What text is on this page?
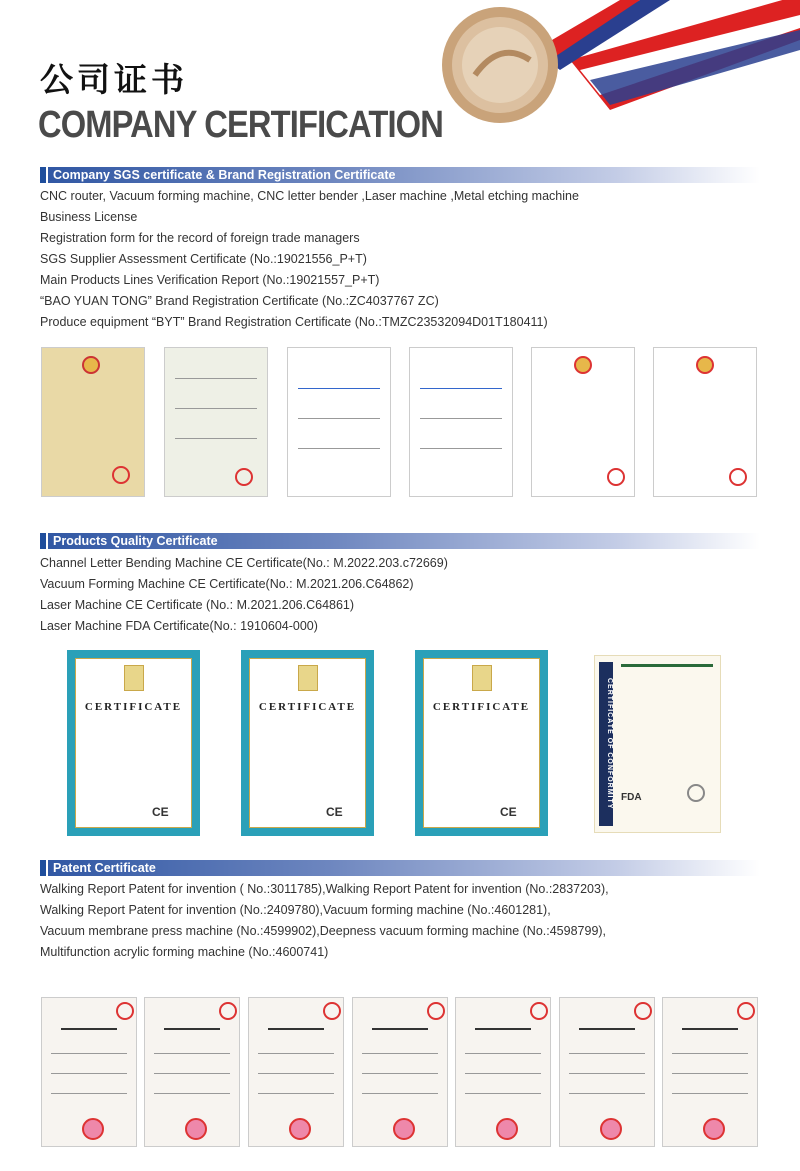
公司证书
COMPANY CERTIFICATION
Company SGS certificate & Brand Registration Certificate
CNC router, Vacuum forming machine, CNC letter bender ,Laser machine ,Metal etching machine
Business License
Registration form for the record of foreign trade managers
SGS Supplier Assessment Certificate (No.:19021556_P+T)
Main Products Lines Verification Report (No.:19021557_P+T)
“BAO YUAN TONG” Brand Registration Certificate (No.:ZC4037767 ZC)
Produce equipment “BYT” Brand Registration Certificate (No.:TMZC23532094D01T180411)
Products Quality Certificate
Channel Letter Bending Machine CE Certificate(No.: M.2022.203.c72669)
Vacuum Forming Machine CE Certificate(No.: M.2021.206.C64862)
Laser Machine CE Certificate (No.: M.2021.206.C64861)
Laser Machine FDA Certificate(No.: 1910604-000)
CERTIFICATE
CE
CERTIFICATE
CE
CERTIFICATE
CE
CERTIFICATE OF CONFORMITY FDA
Patent Certificate
Walking Report Patent for invention ( No.:3011785),Walking Report Patent for invention (No.:2837203),
Walking Report Patent for invention (No.:2409780),Vacuum forming machine (No.:4601281),
Vacuum membrane press machine (No.:4599902),Deepness vacuum forming machine (No.:4598799),
Multifunction acrylic forming machine (No.:4600741)
